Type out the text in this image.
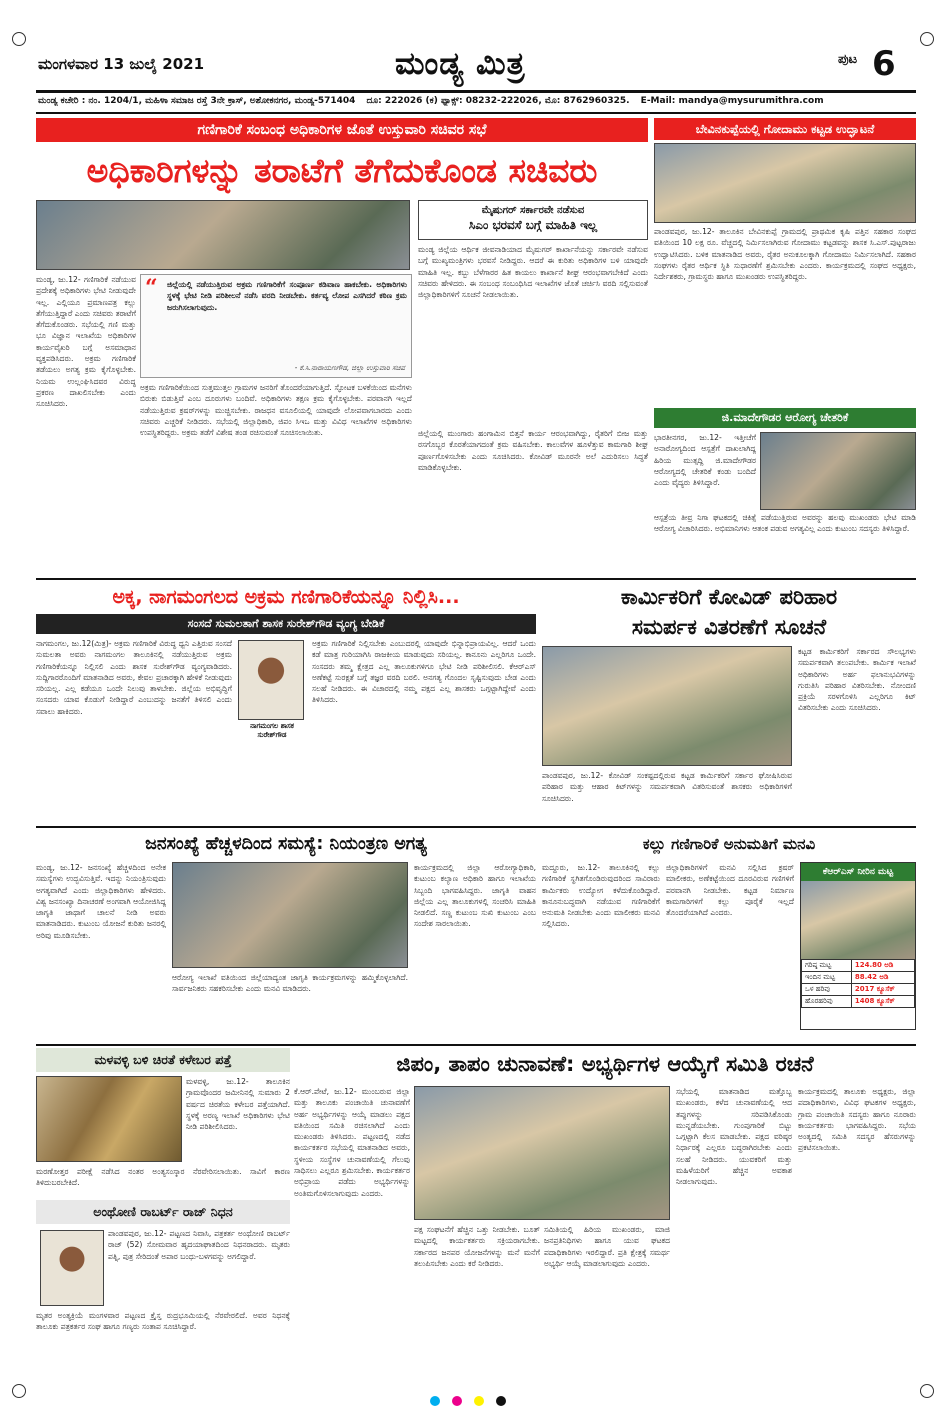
ಮಂಗಳವಾರ 13 ಜುಲೈ 2021	ಮಂಡ್ಯ ಮಿತ್ರ	ಪುಟ 6
ಮಂಡ್ಯ ಕಚೇರಿ : ನಂ. 1204/1, ಮಹಿಳಾ ಸಮಾಜ ರಸ್ತೆ 3ನೇ ಕ್ರಾಸ್, ಅಶೋಕನಗರ, ಮಂಡ್ಯ-571404 ದೂ: 222026 (ಕ) ಫ್ಯಾಕ್ಸ್: 08232-222026, ಮೊ: 8762960325. E-Mail: mandya@mysurumithra.com
ಗಣಿಗಾರಿಕೆ ಸಂಬಂಧ ಅಧಿಕಾರಿಗಳ ಜೊತೆ ಉಸ್ತುವಾರಿ ಸಚಿವರ ಸಭೆ
ಅಧಿಕಾರಿಗಳನ್ನು ತರಾಟೆಗೆ ತೆಗೆದುಕೊಂಡ ಸಚಿವರು
ಮೈಷುಗರ್ ಸರ್ಕಾರವೇ ನಡೆಸುವ
ಸಿಎಂ ಭರವಸೆ ಬಗ್ಗೆ ಮಾಹಿತಿ ಇಲ್ಲ

ಮಂಡ್ಯ, ಜು.12- ಗಣಿಗಾರಿಕೆ ನಡೆಯುವ ಪ್ರದೇಶಕ್ಕೆ ಅಧಿಕಾರಿಗಳು ಭೇಟಿ ನೀಡುವುದೇ ಇಲ್ಲ. ಎಲ್ಲಿಯೂ ಪ್ರಮಾಣಪತ್ರ ಕಲ್ಲು ತೆಗೆಯುತ್ತಿದ್ದಾರೆ ಎಂದು ಸಚಿವರು ತರಾಟೆಗೆ ತೆಗೆದುಕೊಂಡರು. ಸಭೆಯಲ್ಲಿ ಗಣಿ ಮತ್ತು ಭೂ ವಿಜ್ಞಾನ ಇಲಾಖೆಯ ಅಧಿಕಾರಿಗಳ ಕಾರ್ಯವೈಖರಿ ಬಗ್ಗೆ ಅಸಮಾಧಾನ ವ್ಯಕ್ತಪಡಿಸಿದರು. ಅಕ್ರಮ ಗಣಿಗಾರಿಕೆ ತಡೆಯಲು ಅಗತ್ಯ ಕ್ರಮ ಕೈಗೊಳ್ಳಬೇಕು. ನಿಯಮ ಉಲ್ಲಂಘಿಸಿದವರ ವಿರುದ್ಧ ಪ್ರಕರಣ ದಾಖಲಿಸಬೇಕು ಎಂದು ಸೂಚಿಸಿದರು.

“ ಜಿಲ್ಲೆಯಲ್ಲಿ ನಡೆಯುತ್ತಿರುವ ಅಕ್ರಮ ಗಣಿಗಾರಿಕೆಗೆ ಸಂಪೂರ್ಣ ಕಡಿವಾಣ ಹಾಕಬೇಕು. ಅಧಿಕಾರಿಗಳು ಸ್ಥಳಕ್ಕೆ ಭೇಟಿ ನೀಡಿ ಪರಿಶೀಲನೆ ನಡೆಸಿ ವರದಿ ನೀಡಬೇಕು. ಕರ್ತವ್ಯ ಲೋಪ ಎಸಗಿದರೆ ಕಠಿಣ ಕ್ರಮ ಜರುಗಿಸಲಾಗುವುದು.

- ಕೆ.ಸಿ.ನಾರಾಯಣಗೌಡ, ಜಿಲ್ಲಾ ಉಸ್ತುವಾರಿ ಸಚಿವ

ಮಂಡ್ಯ ಜಿಲ್ಲೆಯ ಆರ್ಥಿಕ ಜೀವನಾಡಿಯಾದ ಮೈಷುಗರ್ ಕಾರ್ಖಾನೆಯನ್ನು ಸರ್ಕಾರವೇ ನಡೆಸುವ ಬಗ್ಗೆ ಮುಖ್ಯಮಂತ್ರಿಗಳು ಭರವಸೆ ನೀಡಿದ್ದರು. ಆದರೆ ಈ ಕುರಿತು ಅಧಿಕಾರಿಗಳ ಬಳಿ ಯಾವುದೇ ಮಾಹಿತಿ ಇಲ್ಲ. ಕಬ್ಬು ಬೆಳೆಗಾರರ ಹಿತ ಕಾಯಲು ಕಾರ್ಖಾನೆ ಶೀಘ್ರ ಆರಂಭವಾಗಬೇಕಿದೆ ಎಂದು ಸಚಿವರು ಹೇಳಿದರು. ಈ ಸಂಬಂಧ ಸಂಬಂಧಿಸಿದ ಇಲಾಖೆಗಳ ಜೊತೆ ಚರ್ಚಿಸಿ ವರದಿ ಸಲ್ಲಿಸುವಂತೆ ಜಿಲ್ಲಾಧಿಕಾರಿಗಳಿಗೆ ಸೂಚನೆ ನೀಡಲಾಯಿತು.

ಅಕ್ರಮ ಗಣಿಗಾರಿಕೆಯಿಂದ ಸುತ್ತಮುತ್ತಲ ಗ್ರಾಮಗಳ ಜನರಿಗೆ ತೊಂದರೆಯಾಗುತ್ತಿದೆ. ಸ್ಫೋಟಕ ಬಳಕೆಯಿಂದ ಮನೆಗಳು ಬಿರುಕು ಬಿಡುತ್ತಿವೆ ಎಂಬ ದೂರುಗಳು ಬಂದಿವೆ. ಅಧಿಕಾರಿಗಳು ತಕ್ಷಣ ಕ್ರಮ ಕೈಗೊಳ್ಳಬೇಕು. ಪರವಾನಗಿ ಇಲ್ಲದೆ ನಡೆಯುತ್ತಿರುವ ಕ್ರಷರ್‌ಗಳನ್ನು ಮುಚ್ಚಿಸಬೇಕು. ರಾಜಧನ ವಸೂಲಿಯಲ್ಲಿ ಯಾವುದೇ ಲೋಪವಾಗಬಾರದು ಎಂದು ಸಚಿವರು ಎಚ್ಚರಿಕೆ ನೀಡಿದರು. ಸಭೆಯಲ್ಲಿ ಜಿಲ್ಲಾಧಿಕಾರಿ, ಜಿಪಂ ಸಿಇಒ ಮತ್ತು ವಿವಿಧ ಇಲಾಖೆಗಳ ಅಧಿಕಾರಿಗಳು ಉಪಸ್ಥಿತರಿದ್ದರು. ಅಕ್ರಮ ತಡೆಗೆ ವಿಶೇಷ ತಂಡ ರಚಿಸುವಂತೆ ಸೂಚಿಸಲಾಯಿತು.	ಜಿಲ್ಲೆಯಲ್ಲಿ ಮುಂಗಾರು ಹಂಗಾಮಿನ ಬಿತ್ತನೆ ಕಾರ್ಯ ಆರಂಭವಾಗಿದ್ದು, ರೈತರಿಗೆ ಬೀಜ ಮತ್ತು ರಸಗೊಬ್ಬರ ಕೊರತೆಯಾಗದಂತೆ ಕ್ರಮ ವಹಿಸಬೇಕು. ಕಾಲುವೆಗಳ ಹೂಳೆತ್ತುವ ಕಾಮಗಾರಿ ಶೀಘ್ರ ಪೂರ್ಣಗೊಳಿಸಬೇಕು ಎಂದು ಸೂಚಿಸಿದರು. ಕೋವಿಡ್ ಮೂರನೇ ಅಲೆ ಎದುರಿಸಲು ಸಿದ್ಧತೆ ಮಾಡಿಕೊಳ್ಳಬೇಕು.

ಬೇವಿನಕುಪ್ಪೆಯಲ್ಲಿ ಗೋದಾಮು ಕಟ್ಟಡ ಉದ್ಘಾಟನೆ

ಪಾಂಡವಪುರ, ಜು.12- ತಾಲೂಕಿನ ಬೇವಿನಕುಪ್ಪೆ ಗ್ರಾಮದಲ್ಲಿ ಪ್ರಾಥಮಿಕ ಕೃಷಿ ಪತ್ತಿನ ಸಹಕಾರ ಸಂಘದ ವತಿಯಿಂದ 10 ಲಕ್ಷ ರೂ. ವೆಚ್ಚದಲ್ಲಿ ನಿರ್ಮಿಸಲಾಗಿರುವ ಗೋದಾಮು ಕಟ್ಟಡವನ್ನು ಶಾಸಕ ಸಿ.ಎಸ್.ಪುಟ್ಟರಾಜು ಉದ್ಘಾಟಿಸಿದರು. ಬಳಿಕ ಮಾತನಾಡಿದ ಅವರು, ರೈತರ ಅನುಕೂಲಕ್ಕಾಗಿ ಗೋದಾಮು ನಿರ್ಮಿಸಲಾಗಿದೆ. ಸಹಕಾರ ಸಂಘಗಳು ರೈತರ ಆರ್ಥಿಕ ಸ್ಥಿತಿ ಸುಧಾರಣೆಗೆ ಶ್ರಮಿಸಬೇಕು ಎಂದರು. ಕಾರ್ಯಕ್ರಮದಲ್ಲಿ ಸಂಘದ ಅಧ್ಯಕ್ಷರು, ನಿರ್ದೇಶಕರು, ಗ್ರಾಮಸ್ಥರು ಹಾಗೂ ಮುಖಂಡರು ಉಪಸ್ಥಿತರಿದ್ದರು.

ಜಿ.ಮಾದೇಗೌಡರ ಆರೋಗ್ಯ ಚೇತರಿಕೆ

ಭಾರತೀನಗರ, ಜು.12- ಇತ್ತೀಚೆಗೆ ಅನಾರೋಗ್ಯದಿಂದ ಆಸ್ಪತ್ರೆಗೆ ದಾಖಲಾಗಿದ್ದ ಹಿರಿಯ ಮುತ್ಸದ್ದಿ ಜಿ.ಮಾದೇಗೌಡರ ಆರೋಗ್ಯದಲ್ಲಿ ಚೇತರಿಕೆ ಕಂಡು ಬಂದಿದೆ ಎಂದು ವೈದ್ಯರು ತಿಳಿಸಿದ್ದಾರೆ.

ಆಸ್ಪತ್ರೆಯ ತೀವ್ರ ನಿಗಾ ಘಟಕದಲ್ಲಿ ಚಿಕಿತ್ಸೆ ಪಡೆಯುತ್ತಿರುವ ಅವರನ್ನು ಹಲವು ಮುಖಂಡರು ಭೇಟಿ ಮಾಡಿ ಆರೋಗ್ಯ ವಿಚಾರಿಸಿದರು. ಅಭಿಮಾನಿಗಳು ಆತಂಕ ಪಡುವ ಅಗತ್ಯವಿಲ್ಲ ಎಂದು ಕುಟುಂಬ ಸದಸ್ಯರು ತಿಳಿಸಿದ್ದಾರೆ.

ಅಕ್ಕ, ನಾಗಮಂಗಲದ ಅಕ್ರಮ ಗಣಿಗಾರಿಕೆಯನ್ನೂ ನಿಲ್ಲಿಸಿ...
ಸಂಸದೆ ಸುಮಲತಾಗೆ ಶಾಸಕ ಸುರೇಶ್‌ಗೌಡ ವ್ಯಂಗ್ಯ ಬೇಡಿಕೆ

ನಾಗಮಂಗಲ, ಜು.12(ಮಿತ್ರ)- ಅಕ್ರಮ ಗಣಿಗಾರಿಕೆ ವಿರುದ್ಧ ಧ್ವನಿ ಎತ್ತಿರುವ ಸಂಸದೆ ಸುಮಲತಾ ಅವರು ನಾಗಮಂಗಲ ತಾಲೂಕಿನಲ್ಲಿ ನಡೆಯುತ್ತಿರುವ ಅಕ್ರಮ ಗಣಿಗಾರಿಕೆಯನ್ನೂ ನಿಲ್ಲಿಸಲಿ ಎಂದು ಶಾಸಕ ಸುರೇಶ್‌ಗೌಡ ವ್ಯಂಗ್ಯವಾಡಿದರು. ಸುದ್ದಿಗಾರರೊಂದಿಗೆ ಮಾತನಾಡಿದ ಅವರು, ಕೇವಲ ಪ್ರಚಾರಕ್ಕಾಗಿ ಹೇಳಿಕೆ ನೀಡುವುದು ಸರಿಯಲ್ಲ. ಎಲ್ಲ ಕಡೆಯೂ ಒಂದೇ ನಿಲುವು ತಾಳಬೇಕು. ಜಿಲ್ಲೆಯ ಅಭಿವೃದ್ಧಿಗೆ ಸಂಸದರು ಯಾವ ಕೊಡುಗೆ ನೀಡಿದ್ದಾರೆ ಎಂಬುದನ್ನು ಜನತೆಗೆ ತಿಳಿಸಲಿ ಎಂದು ಸವಾಲು ಹಾಕಿದರು.

ನಾಗಮಂಗಲ ಶಾಸಕ ಸುರೇಶ್‌ಗೌಡ

ಅಕ್ರಮ ಗಣಿಗಾರಿಕೆ ನಿಲ್ಲಿಸಬೇಕು ಎಂಬುದರಲ್ಲಿ ಯಾವುದೇ ಭಿನ್ನಾಭಿಪ್ರಾಯವಿಲ್ಲ. ಆದರೆ ಒಂದು ಕಡೆ ಮಾತ್ರ ಗುರಿಯಾಗಿಸಿ ರಾಜಕೀಯ ಮಾಡುವುದು ಸರಿಯಲ್ಲ. ಕಾನೂನು ಎಲ್ಲರಿಗೂ ಒಂದೇ. ಸಂಸದರು ತಮ್ಮ ಕ್ಷೇತ್ರದ ಎಲ್ಲ ತಾಲೂಕುಗಳಿಗೂ ಭೇಟಿ ನೀಡಿ ಪರಿಶೀಲಿಸಲಿ. ಕೆಆರ್‌ಎಸ್ ಅಣೆಕಟ್ಟೆ ಸುರಕ್ಷತೆ ಬಗ್ಗೆ ತಜ್ಞರ ವರದಿ ಬರಲಿ. ಅನಗತ್ಯ ಗೊಂದಲ ಸೃಷ್ಟಿಸುವುದು ಬೇಡ ಎಂದು ಸಲಹೆ ನೀಡಿದರು. ಈ ವಿಚಾರದಲ್ಲಿ ನಮ್ಮ ಪಕ್ಷದ ಎಲ್ಲ ಶಾಸಕರು ಒಗ್ಗಟ್ಟಾಗಿದ್ದೇವೆ ಎಂದು ತಿಳಿಸಿದರು.

ಕಾರ್ಮಿಕರಿಗೆ ಕೋವಿಡ್ ಪರಿಹಾರ
ಸಮರ್ಪಕ ವಿತರಣೆಗೆ ಸೂಚನೆ

ಕಟ್ಟಡ ಕಾರ್ಮಿಕರಿಗೆ ಸರ್ಕಾರದ ಸೌಲಭ್ಯಗಳು ಸಮರ್ಪಕವಾಗಿ ತಲುಪಬೇಕು. ಕಾರ್ಮಿಕ ಇಲಾಖೆ ಅಧಿಕಾರಿಗಳು ಅರ್ಹ ಫಲಾನುಭವಿಗಳನ್ನು ಗುರುತಿಸಿ ಪರಿಹಾರ ವಿತರಿಸಬೇಕು. ನೋಂದಣಿ ಪ್ರಕ್ರಿಯೆ ಸರಳಗೊಳಿಸಿ ಎಲ್ಲರಿಗೂ ಕಿಟ್ ವಿತರಿಸಬೇಕು ಎಂದು ಸೂಚಿಸಿದರು.

ಪಾಂಡವಪುರ, ಜು.12- ಕೋವಿಡ್ ಸಂಕಷ್ಟದಲ್ಲಿರುವ ಕಟ್ಟಡ ಕಾರ್ಮಿಕರಿಗೆ ಸರ್ಕಾರ ಘೋಷಿಸಿರುವ ಪರಿಹಾರ ಮತ್ತು ಆಹಾರ ಕಿಟ್‌ಗಳನ್ನು ಸಮರ್ಪಕವಾಗಿ ವಿತರಿಸುವಂತೆ ಶಾಸಕರು ಅಧಿಕಾರಿಗಳಿಗೆ ಸೂಚಿಸಿದರು.

ಜನಸಂಖ್ಯೆ ಹೆಚ್ಚಳದಿಂದ ಸಮಸ್ಯೆ: ನಿಯಂತ್ರಣ ಅಗತ್ಯ

ಮಂಡ್ಯ, ಜು.12- ಜನಸಂಖ್ಯೆ ಹೆಚ್ಚಳದಿಂದ ಅನೇಕ ಸಮಸ್ಯೆಗಳು ಉದ್ಭವಿಸುತ್ತಿವೆ. ಇದನ್ನು ನಿಯಂತ್ರಿಸುವುದು ಅಗತ್ಯವಾಗಿದೆ ಎಂದು ಜಿಲ್ಲಾಧಿಕಾರಿಗಳು ಹೇಳಿದರು. ವಿಶ್ವ ಜನಸಂಖ್ಯಾ ದಿನಾಚರಣೆ ಅಂಗವಾಗಿ ಆಯೋಜಿಸಿದ್ದ ಜಾಗೃತಿ ಜಾಥಾಗೆ ಚಾಲನೆ ನೀಡಿ ಅವರು ಮಾತನಾಡಿದರು. ಕುಟುಂಬ ಯೋಜನೆ ಕುರಿತು ಜನರಲ್ಲಿ ಅರಿವು ಮೂಡಿಸಬೇಕು.

ಆರೋಗ್ಯ ಇಲಾಖೆ ವತಿಯಿಂದ ಜಿಲ್ಲೆಯಾದ್ಯಂತ ಜಾಗೃತಿ ಕಾರ್ಯಕ್ರಮಗಳನ್ನು ಹಮ್ಮಿಕೊಳ್ಳಲಾಗಿದೆ. ಸಾರ್ವಜನಿಕರು ಸಹಕರಿಸಬೇಕು ಎಂದು ಮನವಿ ಮಾಡಿದರು.

ಕಾರ್ಯಕ್ರಮದಲ್ಲಿ ಜಿಲ್ಲಾ ಆರೋಗ್ಯಾಧಿಕಾರಿ, ಕುಟುಂಬ ಕಲ್ಯಾಣ ಅಧಿಕಾರಿ ಹಾಗೂ ಇಲಾಖೆಯ ಸಿಬ್ಬಂದಿ ಭಾಗವಹಿಸಿದ್ದರು. ಜಾಗೃತಿ ವಾಹನ ಜಿಲ್ಲೆಯ ಎಲ್ಲ ತಾಲೂಕುಗಳಲ್ಲಿ ಸಂಚರಿಸಿ ಮಾಹಿತಿ ನೀಡಲಿದೆ. ಸಣ್ಣ ಕುಟುಂಬ ಸುಖಿ ಕುಟುಂಬ ಎಂಬ ಸಂದೇಶ ಸಾರಲಾಯಿತು.

ಕಲ್ಲು ಗಣಿಗಾರಿಕೆ ಅನುಮತಿಗೆ ಮನವಿ

ಮದ್ದೂರು, ಜು.12- ತಾಲೂಕಿನಲ್ಲಿ ಕಲ್ಲು ಗಣಿಗಾರಿಕೆ ಸ್ಥಗಿತಗೊಂಡಿರುವುದರಿಂದ ಸಾವಿರಾರು ಕಾರ್ಮಿಕರು ಉದ್ಯೋಗ ಕಳೆದುಕೊಂಡಿದ್ದಾರೆ. ಕಾನೂನುಬದ್ಧವಾಗಿ ನಡೆಯುವ ಗಣಿಗಾರಿಕೆಗೆ ಅನುಮತಿ ನೀಡಬೇಕು ಎಂದು ಮಾಲೀಕರು ಮನವಿ ಸಲ್ಲಿಸಿದರು.

ಜಿಲ್ಲಾಧಿಕಾರಿಗಳಿಗೆ ಮನವಿ ಸಲ್ಲಿಸಿದ ಕ್ರಷರ್ ಮಾಲೀಕರು, ಅಣೆಕಟ್ಟೆಯಿಂದ ದೂರವಿರುವ ಗಣಿಗಳಿಗೆ ಪರವಾನಗಿ ನೀಡಬೇಕು. ಕಟ್ಟಡ ನಿರ್ಮಾಣ ಕಾಮಗಾರಿಗಳಿಗೆ ಕಲ್ಲು ಪೂರೈಕೆ ಇಲ್ಲದೆ ತೊಂದರೆಯಾಗಿದೆ ಎಂದರು.

ಕೆಆರ್‌ಎಸ್ ನೀರಿನ ಮಟ್ಟ
ಗರಿಷ್ಠ ಮಟ್ಟ	124.80 ಅಡಿ
ಇಂದಿನ ಮಟ್ಟ	88.42 ಅಡಿ
ಒಳ ಹರಿವು	2017 ಕ್ಯೂಸೆಕ್
ಹೊರಹರಿವು	1408 ಕ್ಯೂಸೆಕ್
ಮಳವಳ್ಳಿ ಬಳಿ ಚಿರತೆ ಕಳೇಬರ ಪತ್ತೆ

ಮಳವಳ್ಳಿ, ಜು.12- ತಾಲೂಕಿನ ಗ್ರಾಮವೊಂದರ ಜಮೀನಿನಲ್ಲಿ ಸುಮಾರು 2 ವರ್ಷದ ಚಿರತೆಯ ಕಳೇಬರ ಪತ್ತೆಯಾಗಿದೆ. ಸ್ಥಳಕ್ಕೆ ಅರಣ್ಯ ಇಲಾಖೆ ಅಧಿಕಾರಿಗಳು ಭೇಟಿ ನೀಡಿ ಪರಿಶೀಲಿಸಿದರು.

ಮರಣೋತ್ತರ ಪರೀಕ್ಷೆ ನಡೆಸಿದ ನಂತರ ಅಂತ್ಯಸಂಸ್ಕಾರ ನೆರವೇರಿಸಲಾಯಿತು. ಸಾವಿಗೆ ಕಾರಣ ತಿಳಿದುಬರಬೇಕಿದೆ.

ಅಂಥೋಣಿ ರಾಬರ್ಟ್ ರಾಜ್ ನಿಧನ

ಪಾಂಡವಪುರ, ಜು.12- ಪಟ್ಟಣದ ನಿವಾಸಿ, ಪತ್ರಕರ್ತ ಅಂಥೋಣಿ ರಾಬರ್ಟ್ ರಾಜ್ (52) ಸೋಮವಾರ ಹೃದಯಾಘಾತದಿಂದ ನಿಧನರಾದರು. ಮೃತರು ಪತ್ನಿ, ಪುತ್ರ ಸೇರಿದಂತೆ ಅಪಾರ ಬಂಧು-ಬಳಗವನ್ನು ಅಗಲಿದ್ದಾರೆ.

ಮೃತರ ಅಂತ್ಯಕ್ರಿಯೆ ಮಂಗಳವಾರ ಪಟ್ಟಣದ ಕ್ರೈಸ್ತ ರುದ್ರಭೂಮಿಯಲ್ಲಿ ನೆರವೇರಲಿದೆ. ಅವರ ನಿಧನಕ್ಕೆ ತಾಲೂಕು ಪತ್ರಕರ್ತರ ಸಂಘ ಹಾಗೂ ಗಣ್ಯರು ಸಂತಾಪ ಸೂಚಿಸಿದ್ದಾರೆ.

ಜಿಪಂ, ತಾಪಂ ಚುನಾವಣೆ: ಅಭ್ಯರ್ಥಿಗಳ ಆಯ್ಕೆಗೆ ಸಮಿತಿ ರಚನೆ

ಕೆ.ಆರ್.ಪೇಟೆ, ಜು.12- ಮುಂಬರುವ ಜಿಲ್ಲಾ ಮತ್ತು ತಾಲೂಕು ಪಂಚಾಯಿತಿ ಚುನಾವಣೆಗೆ ಅರ್ಹ ಅಭ್ಯರ್ಥಿಗಳನ್ನು ಆಯ್ಕೆ ಮಾಡಲು ಪಕ್ಷದ ವತಿಯಿಂದ ಸಮಿತಿ ರಚಿಸಲಾಗಿದೆ ಎಂದು ಮುಖಂಡರು ತಿಳಿಸಿದರು. ಪಟ್ಟಣದಲ್ಲಿ ನಡೆದ ಕಾರ್ಯಕರ್ತರ ಸಭೆಯಲ್ಲಿ ಮಾತನಾಡಿದ ಅವರು, ಸ್ಥಳೀಯ ಸಂಸ್ಥೆಗಳ ಚುನಾವಣೆಯಲ್ಲಿ ಗೆಲುವು ಸಾಧಿಸಲು ಎಲ್ಲರೂ ಶ್ರಮಿಸಬೇಕು. ಕಾರ್ಯಕರ್ತರ ಅಭಿಪ್ರಾಯ ಪಡೆದು ಅಭ್ಯರ್ಥಿಗಳನ್ನು ಅಂತಿಮಗೊಳಿಸಲಾಗುವುದು ಎಂದರು.

ಪಕ್ಷ ಸಂಘಟನೆಗೆ ಹೆಚ್ಚಿನ ಒತ್ತು ನೀಡಬೇಕು. ಬೂತ್ ಮಟ್ಟದಲ್ಲಿ ಕಾರ್ಯಕರ್ತರು ಸಕ್ರಿಯರಾಗಬೇಕು. ಸರ್ಕಾರದ ಜನಪರ ಯೋಜನೆಗಳನ್ನು ಮನೆ ಮನೆಗೆ ತಲುಪಿಸಬೇಕು ಎಂದು ಕರೆ ನೀಡಿದರು.

ಸಮಿತಿಯಲ್ಲಿ ಹಿರಿಯ ಮುಖಂಡರು, ಮಾಜಿ ಜನಪ್ರತಿನಿಧಿಗಳು ಹಾಗೂ ಯುವ ಘಟಕದ ಪದಾಧಿಕಾರಿಗಳು ಇರಲಿದ್ದಾರೆ. ಪ್ರತಿ ಕ್ಷೇತ್ರಕ್ಕೆ ಸಮರ್ಥ ಅಭ್ಯರ್ಥಿ ಆಯ್ಕೆ ಮಾಡಲಾಗುವುದು ಎಂದರು.

ಸಭೆಯಲ್ಲಿ ಮಾತನಾಡಿದ ಮತ್ತೊಬ್ಬ ಮುಖಂಡರು, ಕಳೆದ ಚುನಾವಣೆಯಲ್ಲಿ ಆದ ತಪ್ಪುಗಳನ್ನು ಸರಿಪಡಿಸಿಕೊಂಡು ಮುನ್ನಡೆಯಬೇಕು. ಗುಂಪುಗಾರಿಕೆ ಬಿಟ್ಟು ಒಗ್ಗಟ್ಟಾಗಿ ಕೆಲಸ ಮಾಡಬೇಕು. ಪಕ್ಷದ ವರಿಷ್ಠರ ನಿರ್ಧಾರಕ್ಕೆ ಎಲ್ಲರೂ ಬದ್ಧರಾಗಿರಬೇಕು ಎಂದು ಸಲಹೆ ನೀಡಿದರು. ಯುವಕರಿಗೆ ಮತ್ತು ಮಹಿಳೆಯರಿಗೆ ಹೆಚ್ಚಿನ ಅವಕಾಶ ನೀಡಲಾಗುವುದು.

ಕಾರ್ಯಕ್ರಮದಲ್ಲಿ ತಾಲೂಕು ಅಧ್ಯಕ್ಷರು, ಜಿಲ್ಲಾ ಪದಾಧಿಕಾರಿಗಳು, ವಿವಿಧ ಘಟಕಗಳ ಅಧ್ಯಕ್ಷರು, ಗ್ರಾಮ ಪಂಚಾಯಿತಿ ಸದಸ್ಯರು ಹಾಗೂ ನೂರಾರು ಕಾರ್ಯಕರ್ತರು ಭಾಗವಹಿಸಿದ್ದರು. ಸಭೆಯ ಅಂತ್ಯದಲ್ಲಿ ಸಮಿತಿ ಸದಸ್ಯರ ಹೆಸರುಗಳನ್ನು ಪ್ರಕಟಿಸಲಾಯಿತು.
